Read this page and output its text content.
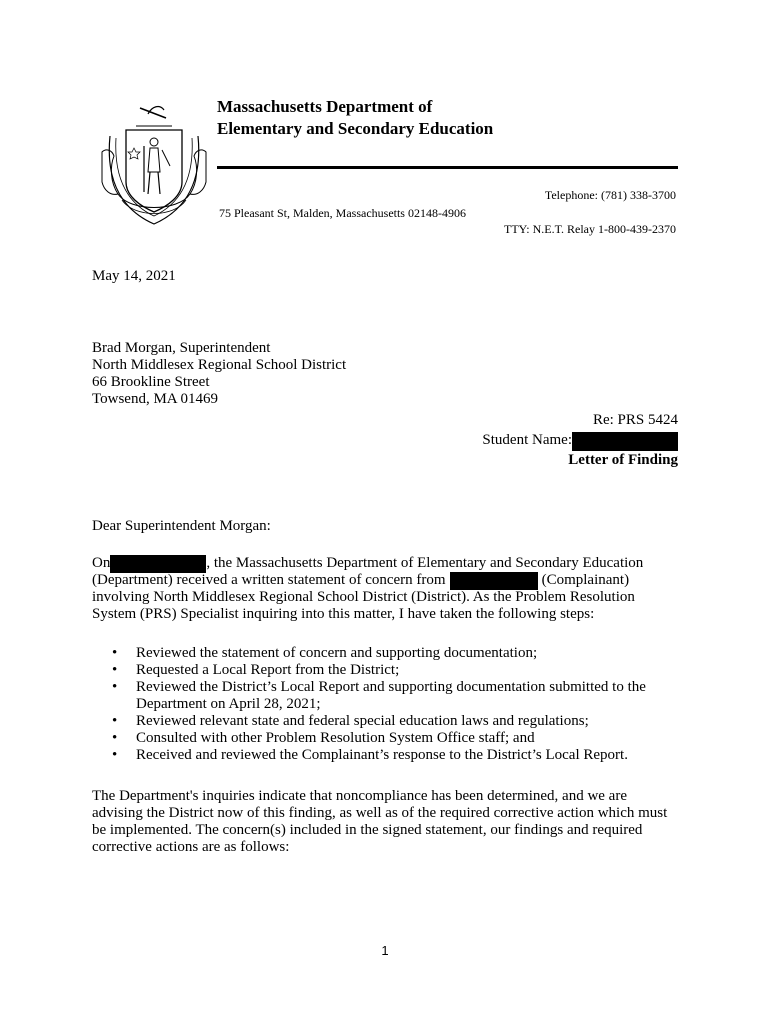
Massachusetts Department of
Elementary and Secondary Education
Telephone: (781) 338-3700
75 Pleasant St, Malden, Massachusetts 02148-4906
TTY: N.E.T. Relay 1-800-439-2370
May 14, 2021
Brad Morgan, Superintendent
North Middlesex Regional School District
66 Brookline Street
Towsend, MA 01469
Re: PRS 5424
Student Name:
Letter of Finding
Dear Superintendent Morgan:
On	, the Massachusetts Department of Elementary and Secondary Education
(Department) received a written statement of concern from	(Complainant)
involving North Middlesex Regional School District (District). As the Problem Resolution
System (PRS) Specialist inquiring into this matter, I have taken the following steps:
• Reviewed the statement of concern and supporting documentation;
• Requested a Local Report from the District;
• Reviewed the District’s Local Report and supporting documentation submitted to the
Department on April 28, 2021;
• Reviewed relevant state and federal special education laws and regulations;
• Consulted with other Problem Resolution System Office staff; and
• Received and reviewed the Complainant’s response to the District’s Local Report.
The Department's inquiries indicate that noncompliance has been determined, and we are
advising the District now of this finding, as well as of the required corrective action which must
be implemented. The concern(s) included in the signed statement, our findings and required
corrective actions are as follows:
1
